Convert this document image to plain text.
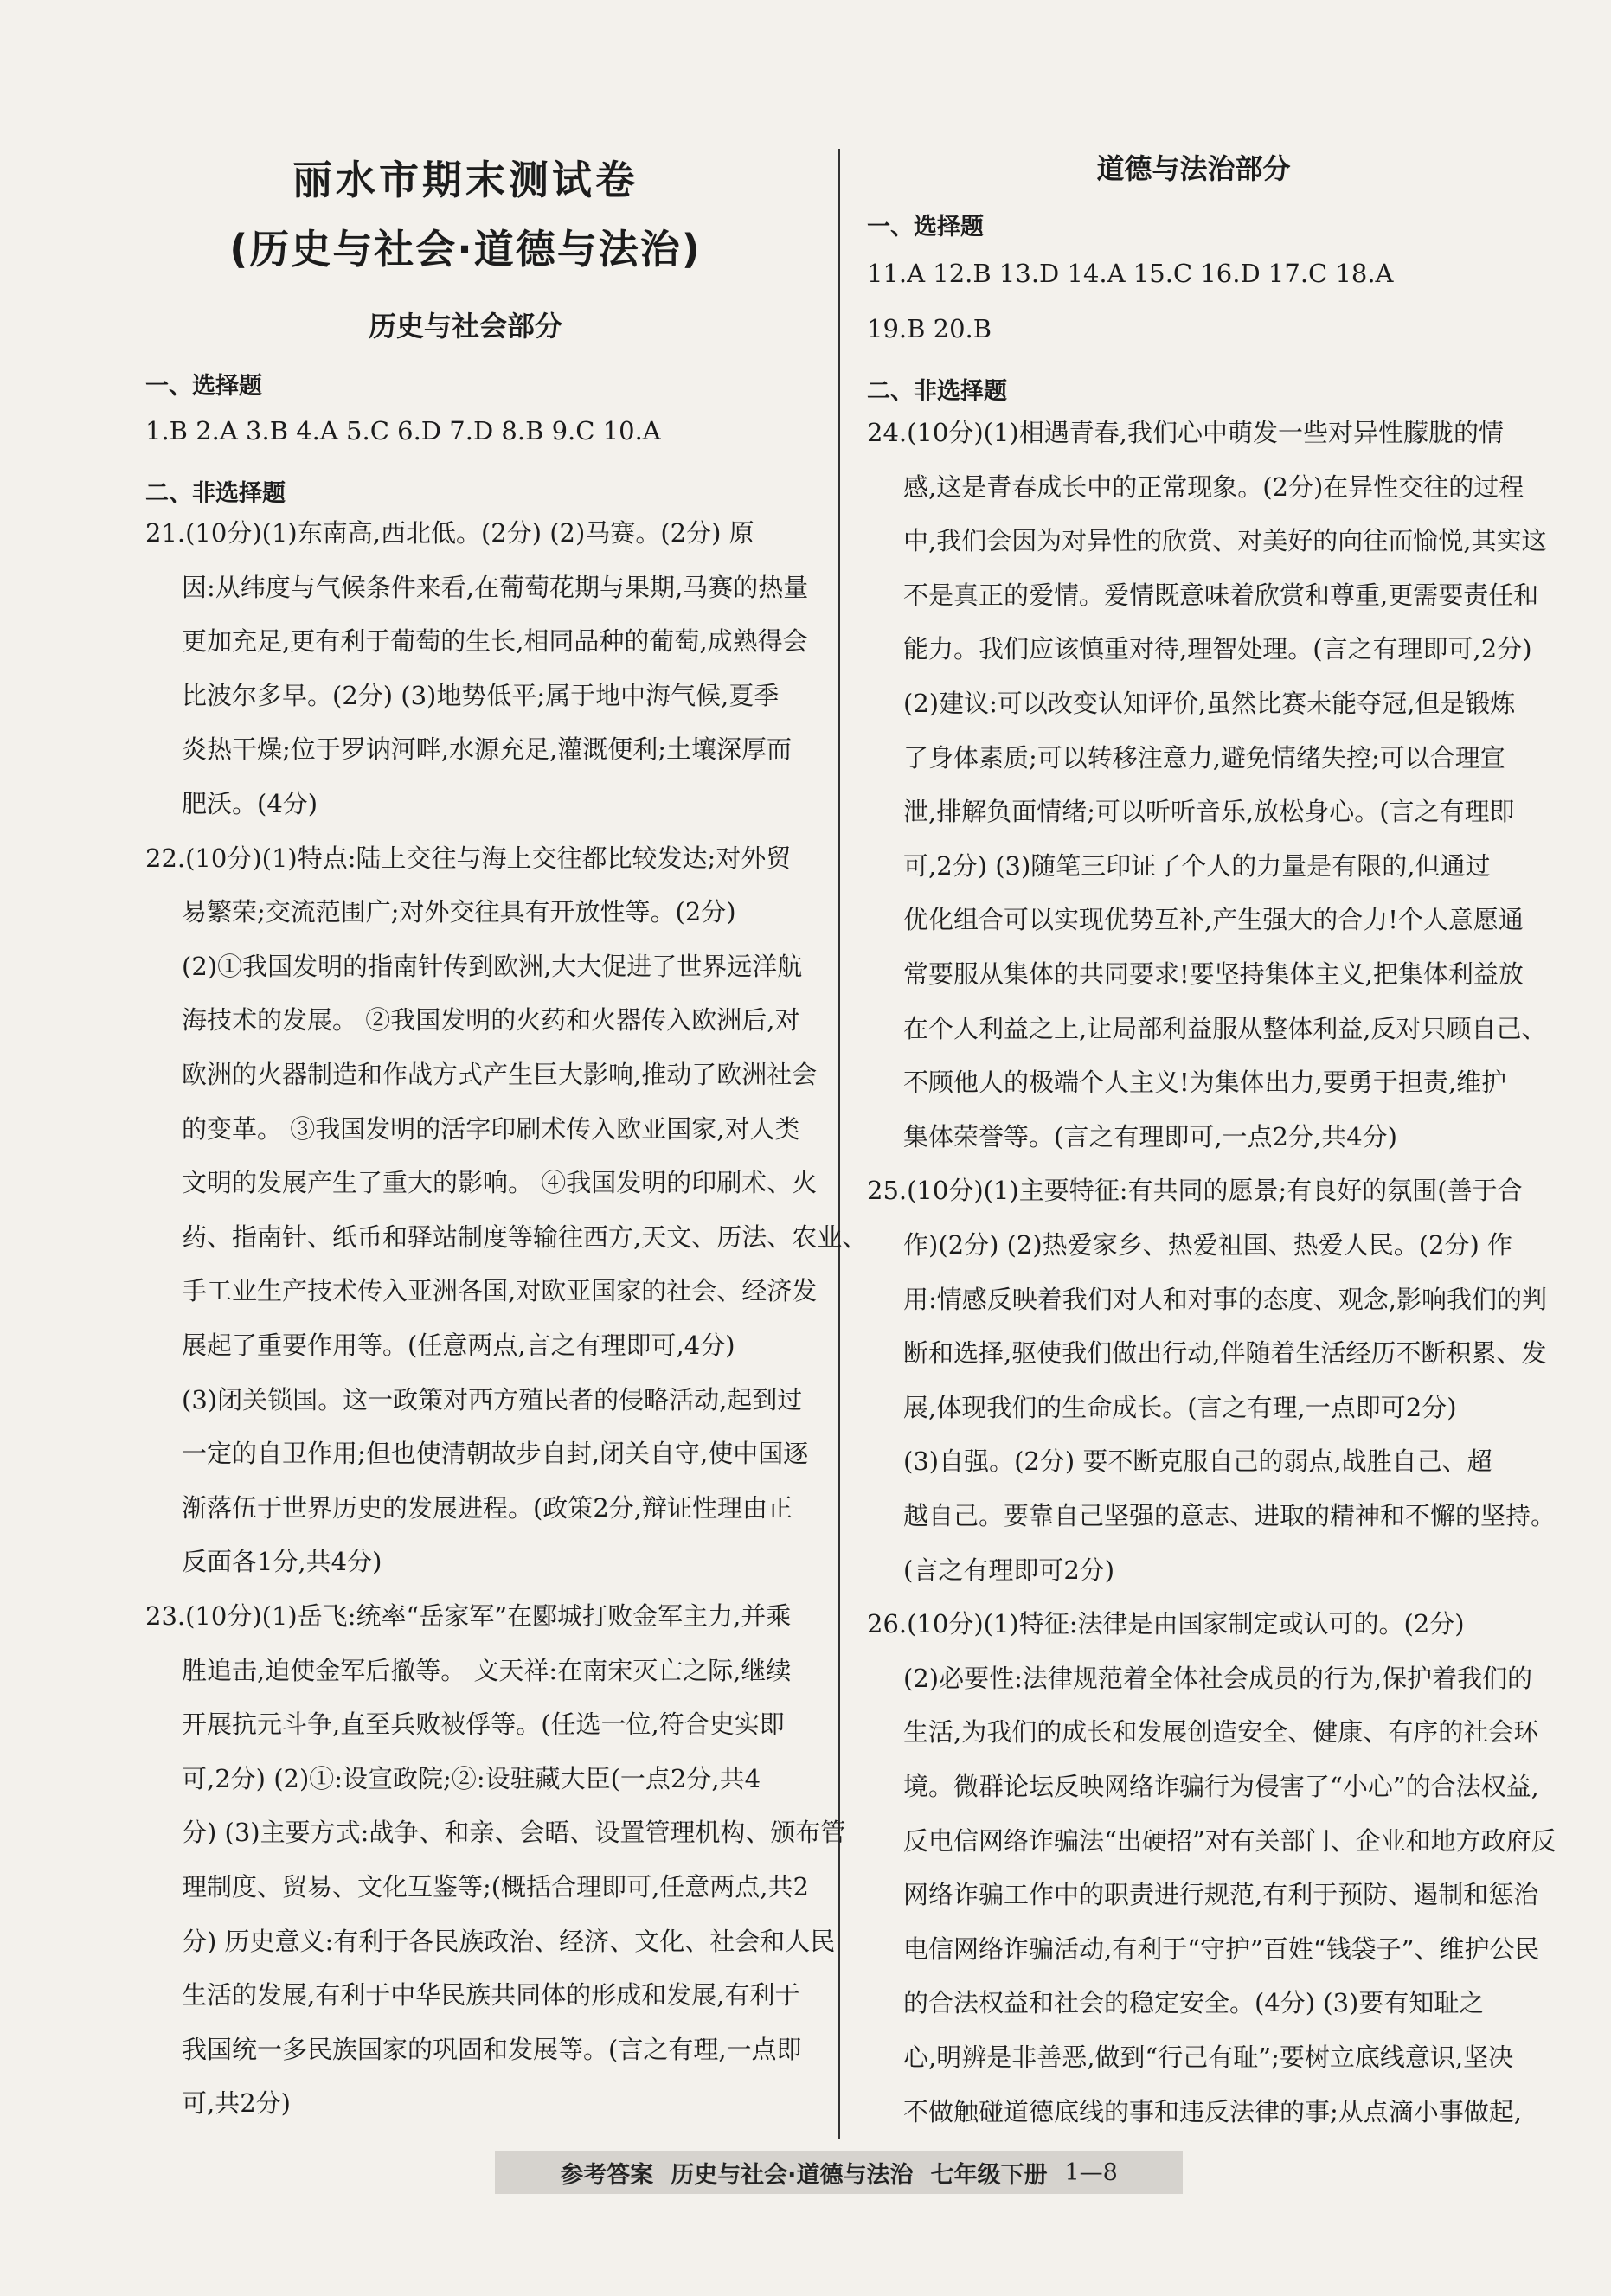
丽水市期末测试卷
(历史与社会·道德与法治)
历史与社会部分
一、选择题
1.B 2.A 3.B 4.A 5.C 6.D 7.D 8.B 9.C 10.A
二、非选择题
21.(10分)(1)东南高,西北低。(2分) (2)马赛。(2分) 原
因:从纬度与气候条件来看,在葡萄花期与果期,马赛的热量
更加充足,更有利于葡萄的生长,相同品种的葡萄,成熟得会
比波尔多早。(2分) (3)地势低平;属于地中海气候,夏季
炎热干燥;位于罗讷河畔,水源充足,灌溉便利;土壤深厚而
肥沃。(4分)
22.(10分)(1)特点:陆上交往与海上交往都比较发达;对外贸
易繁荣;交流范围广;对外交往具有开放性等。(2分)
(2)①我国发明的指南针传到欧洲,大大促进了世界远洋航
海技术的发展。 ②我国发明的火药和火器传入欧洲后,对
欧洲的火器制造和作战方式产生巨大影响,推动了欧洲社会
的变革。 ③我国发明的活字印刷术传入欧亚国家,对人类
文明的发展产生了重大的影响。 ④我国发明的印刷术、火
药、指南针、纸币和驿站制度等输往西方,天文、历法、农业、
手工业生产技术传入亚洲各国,对欧亚国家的社会、经济发
展起了重要作用等。(任意两点,言之有理即可,4分)
(3)闭关锁国。这一政策对西方殖民者的侵略活动,起到过
一定的自卫作用;但也使清朝故步自封,闭关自守,使中国逐
渐落伍于世界历史的发展进程。(政策2分,辩证性理由正
反面各1分,共4分)
23.(10分)(1)岳飞:统率“岳家军”在郾城打败金军主力,并乘
胜追击,迫使金军后撤等。 文天祥:在南宋灭亡之际,继续
开展抗元斗争,直至兵败被俘等。(任选一位,符合史实即
可,2分) (2)①:设宣政院;②:设驻藏大臣(一点2分,共4
分) (3)主要方式:战争、和亲、会晤、设置管理机构、颁布管
理制度、贸易、文化互鉴等;(概括合理即可,任意两点,共2
分) 历史意义:有利于各民族政治、经济、文化、社会和人民
生活的发展,有利于中华民族共同体的形成和发展,有利于
我国统一多民族国家的巩固和发展等。(言之有理,一点即
可,共2分)
道德与法治部分
一、选择题
11.A 12.B 13.D 14.A 15.C 16.D 17.C 18.A
19.B 20.B
二、非选择题
24.(10分)(1)相遇青春,我们心中萌发一些对异性朦胧的情
感,这是青春成长中的正常现象。(2分)在异性交往的过程
中,我们会因为对异性的欣赏、对美好的向往而愉悦,其实这
不是真正的爱情。爱情既意味着欣赏和尊重,更需要责任和
能力。我们应该慎重对待,理智处理。(言之有理即可,2分)
(2)建议:可以改变认知评价,虽然比赛未能夺冠,但是锻炼
了身体素质;可以转移注意力,避免情绪失控;可以合理宣
泄,排解负面情绪;可以听听音乐,放松身心。(言之有理即
可,2分) (3)随笔三印证了个人的力量是有限的,但通过
优化组合可以实现优势互补,产生强大的合力!个人意愿通
常要服从集体的共同要求!要坚持集体主义,把集体利益放
在个人利益之上,让局部利益服从整体利益,反对只顾自己、
不顾他人的极端个人主义!为集体出力,要勇于担责,维护
集体荣誉等。(言之有理即可,一点2分,共4分)
25.(10分)(1)主要特征:有共同的愿景;有良好的氛围(善于合
作)(2分) (2)热爱家乡、热爱祖国、热爱人民。(2分) 作
用:情感反映着我们对人和对事的态度、观念,影响我们的判
断和选择,驱使我们做出行动,伴随着生活经历不断积累、发
展,体现我们的生命成长。(言之有理,一点即可2分)
(3)自强。(2分) 要不断克服自己的弱点,战胜自己、超
越自己。要靠自己坚强的意志、进取的精神和不懈的坚持。
(言之有理即可2分)
26.(10分)(1)特征:法律是由国家制定或认可的。(2分)
(2)必要性:法律规范着全体社会成员的行为,保护着我们的
生活,为我们的成长和发展创造安全、健康、有序的社会环
境。微群论坛反映网络诈骗行为侵害了“小心”的合法权益,
反电信网络诈骗法“出硬招”对有关部门、企业和地方政府反
网络诈骗工作中的职责进行规范,有利于预防、遏制和惩治
电信网络诈骗活动,有利于“守护”百姓“钱袋子”、维护公民
的合法权益和社会的稳定安全。(4分) (3)要有知耻之
心,明辨是非善恶,做到“行己有耻”;要树立底线意识,坚决
不做触碰道德底线的事和违反法律的事;从点滴小事做起,
参考答案 历史与社会·道德与法治 七年级下册 1—8
